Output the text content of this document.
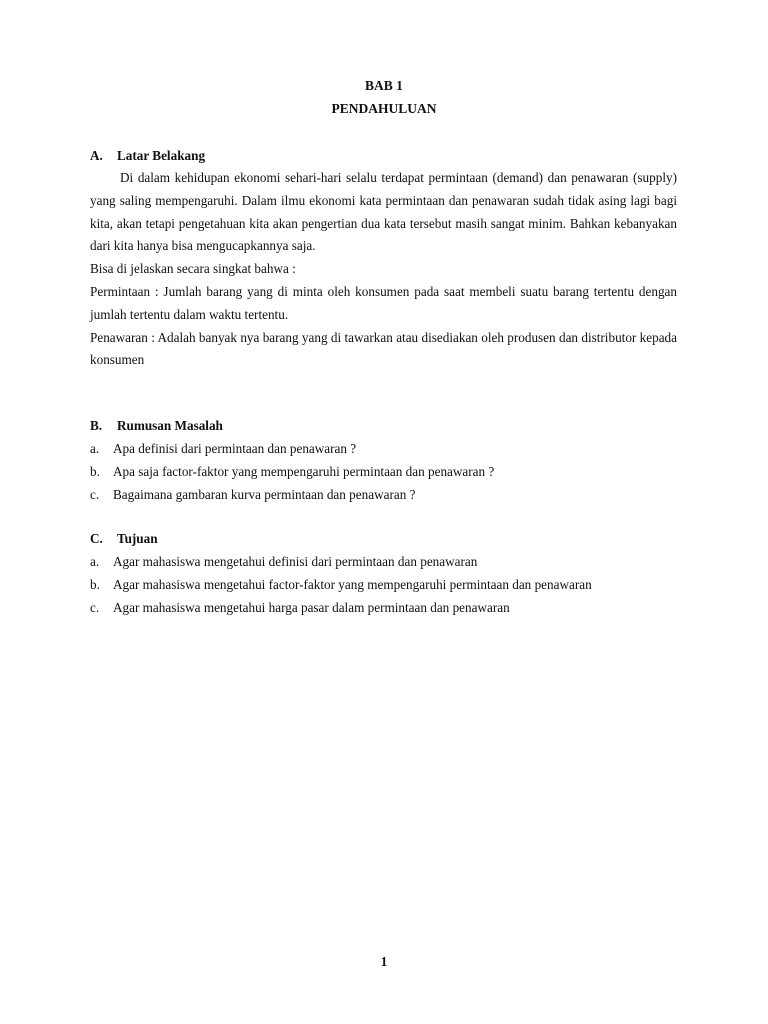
BAB 1

PENDAHULUAN

A. Latar Belakang

Di dalam kehidupan ekonomi sehari-hari selalu terdapat permintaan (demand) dan penawaran (supply) yang saling mempengaruhi. Dalam ilmu ekonomi kata permintaan dan penawaran sudah tidak asing lagi bagi kita, akan tetapi pengetahuan kita akan pengertian dua kata tersebut masih sangat minim. Bahkan kebanyakan dari kita hanya bisa mengucapkannya saja.

Bisa di jelaskan secara singkat bahwa :

Permintaan : Jumlah barang yang di minta oleh konsumen pada saat membeli suatu barang tertentu dengan jumlah tertentu dalam waktu tertentu.

Penawaran : Adalah banyak nya barang yang di tawarkan atau disediakan oleh produsen dan distributor kepada konsumen

B. Rumusan Masalah

a. Apa definisi dari permintaan dan penawaran ?
b. Apa saja factor-faktor yang mempengaruhi permintaan dan penawaran ?
c. Bagaimana gambaran kurva permintaan dan penawaran ?

C. Tujuan

a. Agar mahasiswa mengetahui definisi dari permintaan dan penawaran
b. Agar mahasiswa mengetahui factor-faktor yang mempengaruhi permintaan dan penawaran
c. Agar mahasiswa mengetahui harga pasar dalam permintaan dan penawaran
1
